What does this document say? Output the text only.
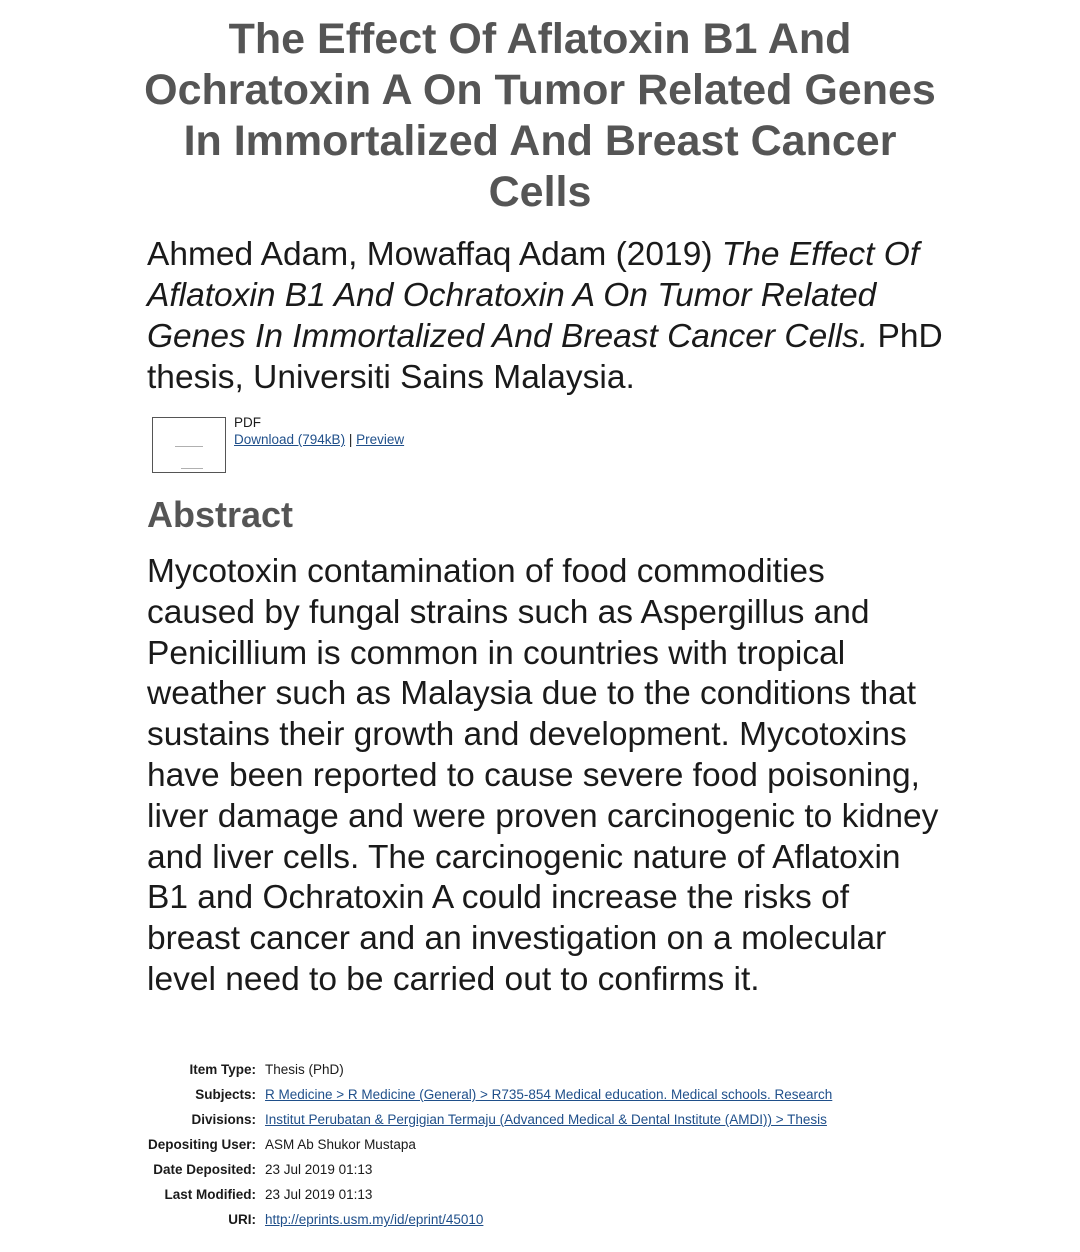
The Effect Of Aflatoxin B1 And Ochratoxin A On Tumor Related Genes In Immortalized And Breast Cancer Cells

Ahmed Adam, Mowaffaq Adam (2019) The Effect Of Aflatoxin B1 And Ochratoxin A On Tumor Related Genes In Immortalized And Breast Cancer Cells. PhD thesis, Universiti Sains Malaysia.

PDF
Download (794kB) | Preview
Abstract

Mycotoxin contamination of food commodities caused by fungal strains such as Aspergillus and Penicillium is common in countries with tropical weather such as Malaysia due to the conditions that sustains their growth and development. Mycotoxins have been reported to cause severe food poisoning, liver damage and were proven carcinogenic to kidney and liver cells. The carcinogenic nature of Aflatoxin B1 and Ochratoxin A could increase the risks of breast cancer and an investigation on a molecular level need to be carried out to confirms it.

Item Type:	Thesis (PhD)
Subjects:	R Medicine > R Medicine (General) > R735-854 Medical education. Medical schools. Research
Divisions:	Institut Perubatan & Pergigian Termaju (Advanced Medical & Dental Institute (AMDI)) > Thesis
Depositing User:	ASM Ab Shukor Mustapa
Date Deposited:	23 Jul 2019 01:13
Last Modified:	23 Jul 2019 01:13
URI:	http://eprints.usm.my/id/eprint/45010
